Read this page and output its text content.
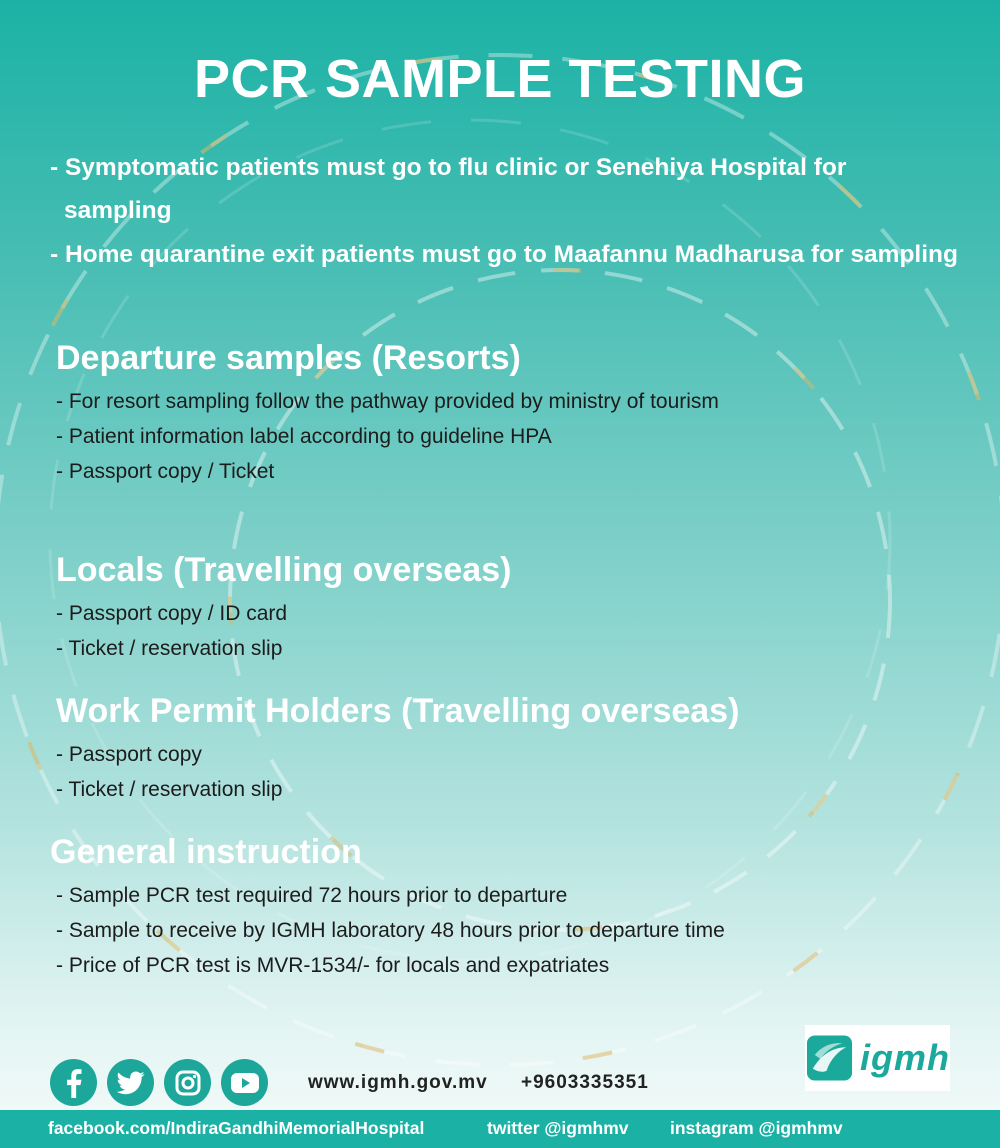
PCR SAMPLE TESTING
- Symptomatic patients must go to flu clinic or Senehiya Hospital for sampling
- Home quarantine exit patients must go to Maafannu Madharusa for sampling
Departure samples (Resorts)
- For resort sampling follow the pathway provided by ministry of tourism
- Patient information label according to guideline HPA
- Passport copy / Ticket
Locals (Travelling overseas)
- Passport copy / ID card
- Ticket / reservation slip
Work Permit Holders (Travelling overseas)
- Passport copy
- Ticket / reservation slip
General instruction
- Sample PCR test required 72 hours prior to departure
- Sample to receive by IGMH laboratory 48 hours prior to departure time
- Price of PCR test is MVR-1534/- for locals and expatriates
www.igmh.gov.mv +9603335351
igmh
facebook.com/IndiraGandhiMemorialHospital	twitter @igmhmv instagram @igmhmv
